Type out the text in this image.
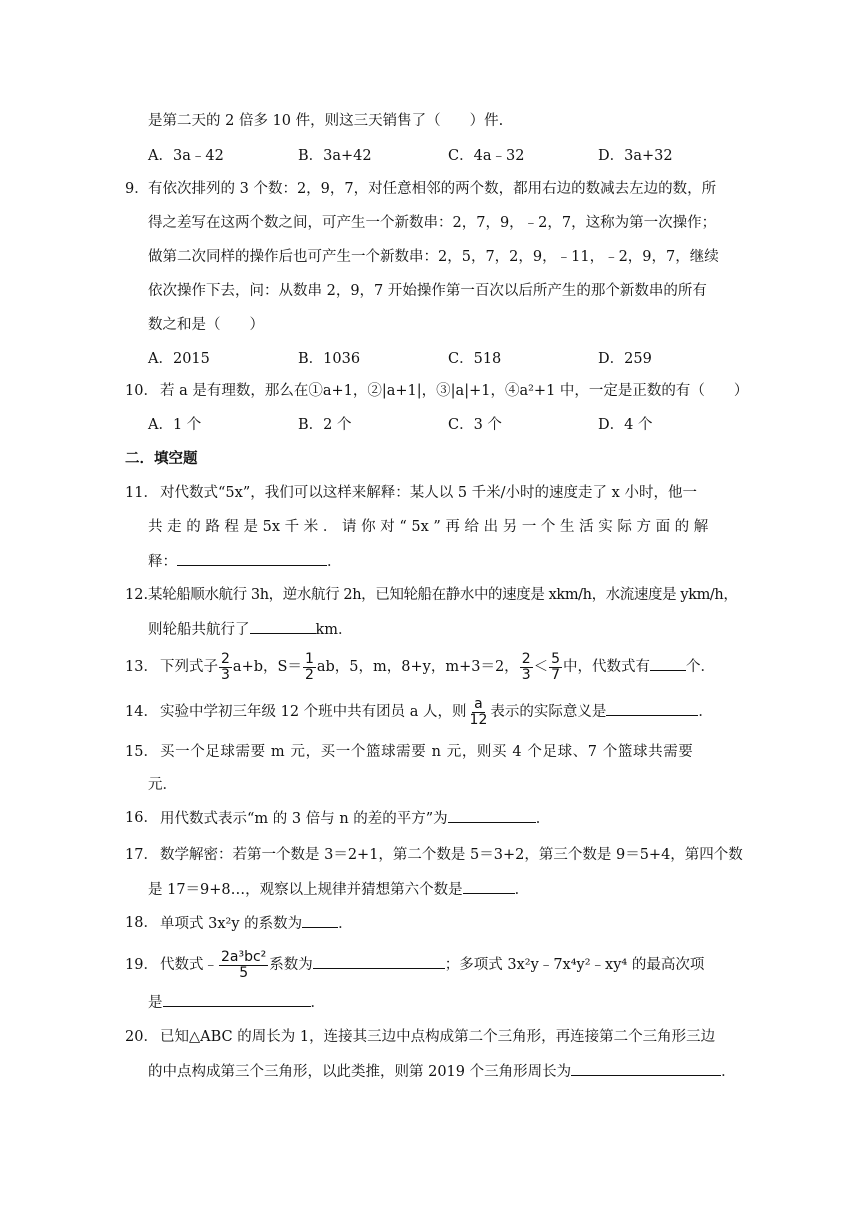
是第二天的 2 倍多 10 件，则这三天销售了（　　）件.
A．3a﹣42	B．3a+42	C．4a﹣32	D．3a+32
9． 有依次排列的 3 个数：2，9，7，对任意相邻的两个数，都用右边的数减去左边的数，所
得之差写在这两个数之间，可产生一个新数串：2，7，9，﹣2，7，这称为第一次操作；
做第二次同样的操作后也可产生一个新数串：2，5，7，2，9，﹣11，﹣2，9，7，继续
依次操作下去，问：从数串 2，9，7 开始操作第一百次以后所产生的那个新数串的所有
数之和是（　　）
A．2015	B．1036	C．518	D．259
10． 若 a 是有理数，那么在①a+1，②|a+1|，③|a|+1，④a²+1 中，一定是正数的有（　　）
A．1 个	B．2 个	C．3 个	D．4 个
二．填空题
11． 对代数式“5x”，我们可以这样来解释：某人以 5 千米/小时的速度走了 x 小时，他一
共 走 的 路 程 是 5x 千 米 ． 请 你 对 “ 5x ” 再 给 出 另 一 个 生 活 实 际 方 面 的 解
释：	．
12. 某轮船顺水航行 3h，逆水航行 2h，已知轮船在静水中的速度是 xkm/h，水流速度是 ykm/h，
则轮船共航行了	km．
13． 下列式子 $\frac{2}{3} a+b$，$S= \frac{1}{2}$ ab，5，m，8+y，m+3＝2， $\frac{2}{3} < \frac{5}{7}$ 中，代数式有 个．
14． 实验中学初三年级 12 个班中共有团员 a 人，则 $\frac{a}{12}$ 表示的实际意义是	．
15． 买一个足球需要 m 元，买一个篮球需要 n 元，则买 4 个足球、7 个篮球共需要
元．
16． 用代数式表示“m 的 3 倍与 n 的差的平方”为	．
17． 数学解密：若第一个数是 3＝2+1，第二个数是 5＝3+2，第三个数是 9＝5+4，第四个数
是 17＝9+8…，观察以上规律并猜想第六个数是	．
18． 单项式 3x²y 的系数为 ．
19． 代数式﹣ $\frac{\text{2a³bc²}}{5}$ 系数为	；多项式 3x²y﹣7x⁴y²﹣xy⁴ 的最高次项
是	．
20． 已知△ABC 的周长为 1，连接其三边中点构成第二个三角形，再连接第二个三角形三边
的中点构成第三个三角形，以此类推，则第 2019 个三角形周长为	．
